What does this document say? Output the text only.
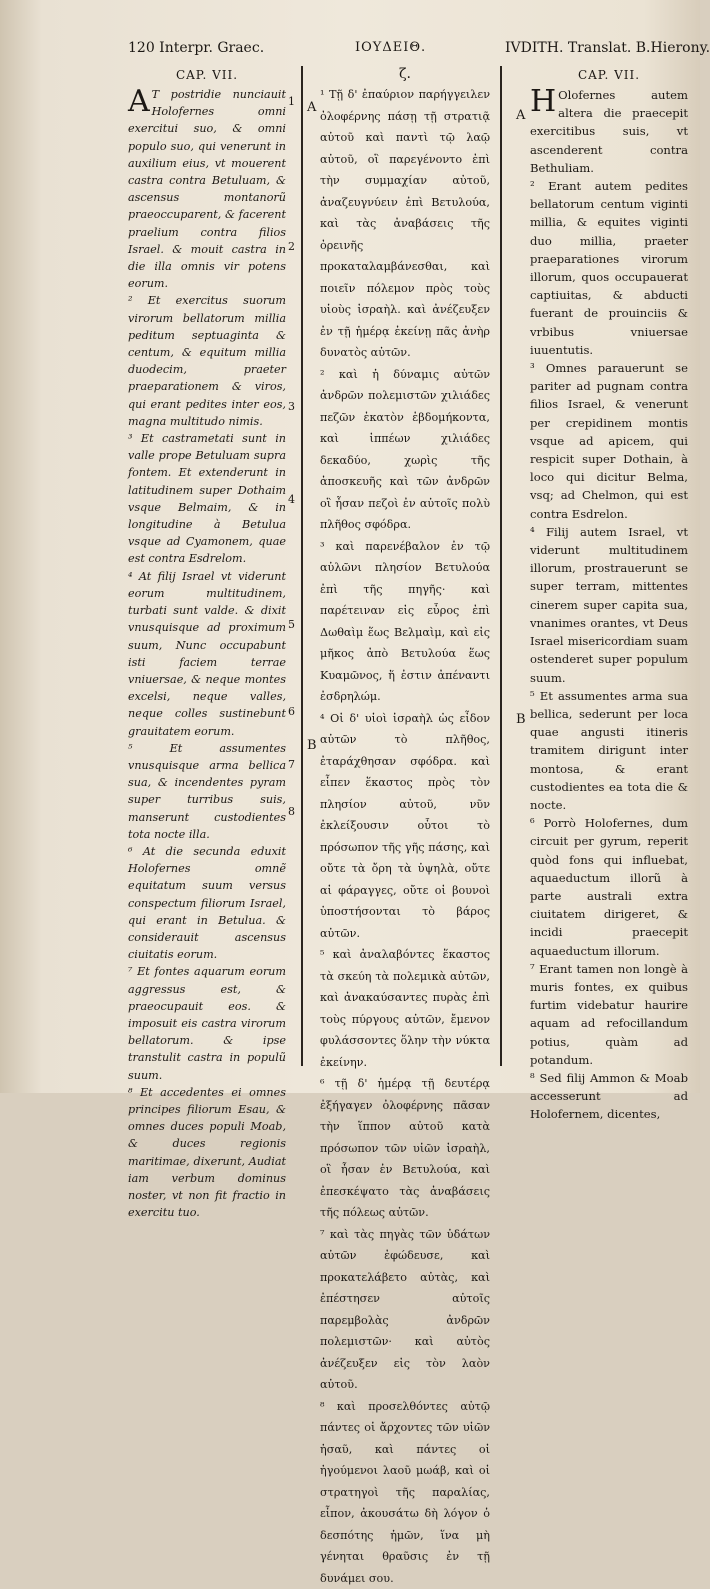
120 Interpr. Graec.	ΙΟΥΔΕΙΘ.	IVDITH. Translat. B.Hierony.
1
2
3
4
5
6
7
8
A
B
A
B
CAP. VII.

A T postridie nunciauit Holofernes omni exercitui suo, & omni populo suo, qui venerunt in auxilium eius, vt mouerent castra contra Betuluam, & ascensus montanorũ praeoccuparent, & facerent praelium contra filios Israel. & mouit castra in die illa omnis vir potens eorum.

² Et exercitus suorum virorum bellatorum millia peditum septuaginta & centum, & equitum millia duodecim, praeter praeparationem & viros, qui erant pedites inter eos, magna multitudo nimis.

³ Et castrametati sunt in valle prope Betuluam supra fontem. Et extenderunt in latitudinem super Dothaim vsque Belmaim, & in longitudine à Betulua vsque ad Cyamonem, quae est contra Esdrelom.

⁴ At filij Israel vt viderunt eorum multitudinem, turbati sunt valde. & dixit vnusquisque ad proximum suum, Nunc occupabunt isti faciem terrae vniuersae, & neque montes excelsi, neque valles, neque colles sustinebunt grauitatem eorum.

⁵ Et assumentes vnusquisque arma bellica sua, & incendentes pyram super turribus suis, manserunt custodientes tota nocte illa.

⁶ At die secunda eduxit Holofernes omnẽ equitatum suum versus conspectum filiorum Israel, qui erant in Betulua. & considerauit ascensus ciuitatis eorum.

⁷ Et fontes aquarum eorum aggressus est, & praeocupauit eos. & imposuit eis castra virorum bellatorum. & ipse transtulit castra in populũ suum.

⁸ Et accedentes ei omnes principes filiorum Esau, & omnes duces populi Moab, & duces regionis maritimae, dixerunt, Audiat iam verbum dominus noster, vt non fit fractio in exercitu tuo.

ζ.

¹ Τῇ δ' ἐπαύριον παρήγγειλεν ὀλοφέρνης πάσῃ τῇ στρατιᾷ αὐτοῦ καὶ παντὶ τῷ λαῷ αὐτοῦ, οἳ παρεγένοντο ἐπὶ τὴν συμμαχίαν αὐτοῦ, ἀναζευγνύειν ἐπὶ Βετυλούα, καὶ τὰς ἀναβάσεις τῆς ὀρεινῆς προκαταλαμβάνεσθαι, καὶ ποιεῖν πόλεμον πρὸς τοὺς υἱοὺς ἰσραὴλ. καὶ ἀνέζευξεν ἐν τῇ ἡμέρᾳ ἐκείνῃ πᾶς ἀνὴρ δυνατὸς αὐτῶν.

² καὶ ἡ δύναμις αὐτῶν ἀνδρῶν πολεμιστῶν χιλιάδες πεζῶν ἑκατὸν ἑβδομήκοντα, καὶ ἱππέων χιλιάδες δεκαδύο, χωρὶς τῆς ἀποσκευῆς καὶ τῶν ἀνδρῶν οἳ ἦσαν πεζοὶ ἐν αὐτοῖς πολὺ πλῆθος σφόδρα.

³ καὶ παρενέβαλον ἐν τῷ αὐλῶνι πλησίον Βετυλούα ἐπὶ τῆς πηγῆς· καὶ παρέτειναν εἰς εὖρος ἐπὶ Δωθαὶμ ἕως Βελμαὶμ, καὶ εἰς μῆκος ἀπὸ Βετυλούα ἕως Κυαμῶνος, ἥ ἐστιν ἀπέναντι ἐσδρηλώμ.

⁴ Οἱ δ' υἱοὶ ἰσραὴλ ὡς εἶδον αὐτῶν τὸ πλῆθος, ἐταράχθησαν σφόδρα. καὶ εἶπεν ἕκαστος πρὸς τὸν πλησίον αὐτοῦ, νῦν ἐκλείξουσιν οὗτοι τὸ πρόσωπον τῆς γῆς πάσης, καὶ οὔτε τὰ ὄρη τὰ ὑψηλὰ, οὔτε αἱ φάραγγες, οὔτε οἱ βουνοὶ ὑποστήσονται τὸ βάρος αὐτῶν.

⁵ καὶ ἀναλαβόντες ἕκαστος τὰ σκεύη τὰ πολεμικὰ αὐτῶν, καὶ ἀνακαύσαντες πυρὰς ἐπὶ τοὺς πύργους αὐτῶν, ἔμενον φυλάσσοντες ὅλην τὴν νύκτα ἐκείνην.

⁶ τῇ δ' ἡμέρᾳ τῇ δευτέρᾳ ἐξήγαγεν ὀλοφέρνης πᾶσαν τὴν ἵππον αὐτοῦ κατὰ πρόσωπον τῶν υἱῶν ἰσραὴλ, οἳ ἦσαν ἐν Βετυλούα, καὶ ἐπεσκέψατο τὰς ἀναβάσεις τῆς πόλεως αὐτῶν.

⁷ καὶ τὰς πηγὰς τῶν ὑδάτων αὐτῶν ἐφώδευσε, καὶ προκατελάβετο αὐτὰς, καὶ ἐπέστησεν αὐτοῖς παρεμβολὰς ἀνδρῶν πολεμιστῶν· καὶ αὐτὸς ἀνέζευξεν εἰς τὸν λαὸν αὐτοῦ.

⁸ καὶ προσελθόντες αὐτῷ πάντες οἱ ἄρχοντες τῶν υἱῶν ἡσαῦ, καὶ πάντες οἱ ἡγούμενοι λαοῦ μωάβ, καὶ οἱ στρατηγοὶ τῆς παραλίας, εἶπον, ἀκουσάτω δὴ λόγον ὁ δεσπότης ἡμῶν, ἵνα μὴ γένηται θραῦσις ἐν τῇ δυνάμει σου.

CAP. VII.

H Olofernes autem altera die praecepit exercitibus suis, vt ascenderent contra Bethuliam.

² Erant autem pedites bellatorum centum viginti millia, & equites viginti duo millia, praeter praeparationes virorum illorum, quos occupauerat captiuitas, & abducti fuerant de prouinciis & vrbibus vniuersae iuuentutis.

³ Omnes parauerunt se pariter ad pugnam contra filios Israel, & venerunt per crepidinem montis vsque ad apicem, qui respicit super Dothain, à loco qui dicitur Belma, vsq; ad Chelmon, qui est contra Esdrelon.

⁴ Filij autem Israel, vt viderunt multitudinem illorum, prostrauerunt se super terram, mittentes cinerem super capita sua, vnanimes orantes, vt Deus Israel misericordiam suam ostenderet super populum suum.

⁵ Et assumentes arma sua bellica, sederunt per loca quae angusti itineris tramitem dirigunt inter montosa, & erant custodientes ea tota die & nocte.

⁶ Porrò Holofernes, dum circuit per gyrum, reperit quòd fons qui influebat, aquaeductum illorũ à parte australi extra ciuitatem dirigeret, & incidi praecepit aquaeductum illorum.

⁷ Erant tamen non longè à muris fontes, ex quibus furtim videbatur haurire aquam ad refocillandum potius, quàm ad potandum.

⁸ Sed filij Ammon & Moab accesserunt ad Holofernem, dicentes,
